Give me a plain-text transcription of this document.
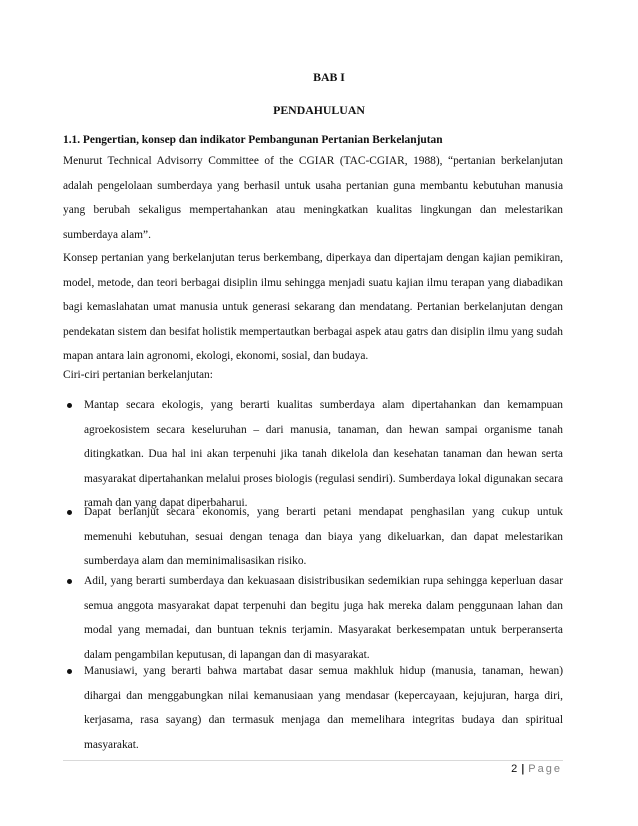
BAB I
PENDAHULUAN
1.1. Pengertian, konsep dan indikator Pembangunan Pertanian Berkelanjutan

Menurut Technical Advisorry Committee of the CGIAR (TAC-CGIAR, 1988), “pertanian berkelanjutan adalah pengelolaan sumberdaya yang berhasil untuk usaha pertanian guna membantu kebutuhan manusia yang berubah sekaligus mempertahankan atau meningkatkan kualitas lingkungan dan melestarikan sumberdaya alam”.

Konsep pertanian yang berkelanjutan terus berkembang, diperkaya dan dipertajam dengan kajian pemikiran, model, metode, dan teori berbagai disiplin ilmu sehingga menjadi suatu kajian ilmu terapan yang diabadikan bagi kemaslahatan umat manusia untuk generasi sekarang dan mendatang. Pertanian berkelanjutan dengan pendekatan sistem dan besifat holistik mempertautkan berbagai aspek atau gatrs dan disiplin ilmu yang sudah mapan antara lain agronomi, ekologi, ekonomi, sosial, dan budaya.

Ciri-ciri pertanian berkelanjutan:

Mantap secara ekologis, yang berarti kualitas sumberdaya alam dipertahankan dan kemampuan agroekosistem secara keseluruhan – dari manusia, tanaman, dan hewan sampai organisme tanah ditingkatkan. Dua hal ini akan terpenuhi jika tanah dikelola dan kesehatan tanaman dan hewan serta masyarakat dipertahankan melalui proses biologis (regulasi sendiri). Sumberdaya lokal digunakan secara ramah dan yang dapat diperbaharui.
Dapat berlanjut secara ekonomis, yang berarti petani mendapat penghasilan yang cukup untuk memenuhi kebutuhan, sesuai dengan tenaga dan biaya yang dikeluarkan, dan dapat melestarikan sumberdaya alam dan meminimalisasikan risiko.
Adil, yang berarti sumberdaya dan kekuasaan disistribusikan sedemikian rupa sehingga keperluan dasar semua anggota masyarakat dapat terpenuhi dan begitu juga hak mereka dalam penggunaan lahan dan modal yang memadai, dan buntuan teknis terjamin. Masyarakat berkesempatan untuk berperanserta dalam pengambilan keputusan, di lapangan dan di masyarakat.
Manusiawi, yang berarti bahwa martabat dasar semua makhluk hidup (manusia, tanaman, hewan) dihargai dan menggabungkan nilai kemanusiaan yang mendasar (kepercayaan, kejujuran, harga diri, kerjasama, rasa sayang) dan termasuk menjaga dan memelihara integritas budaya dan spiritual masyarakat.
2 | Page
